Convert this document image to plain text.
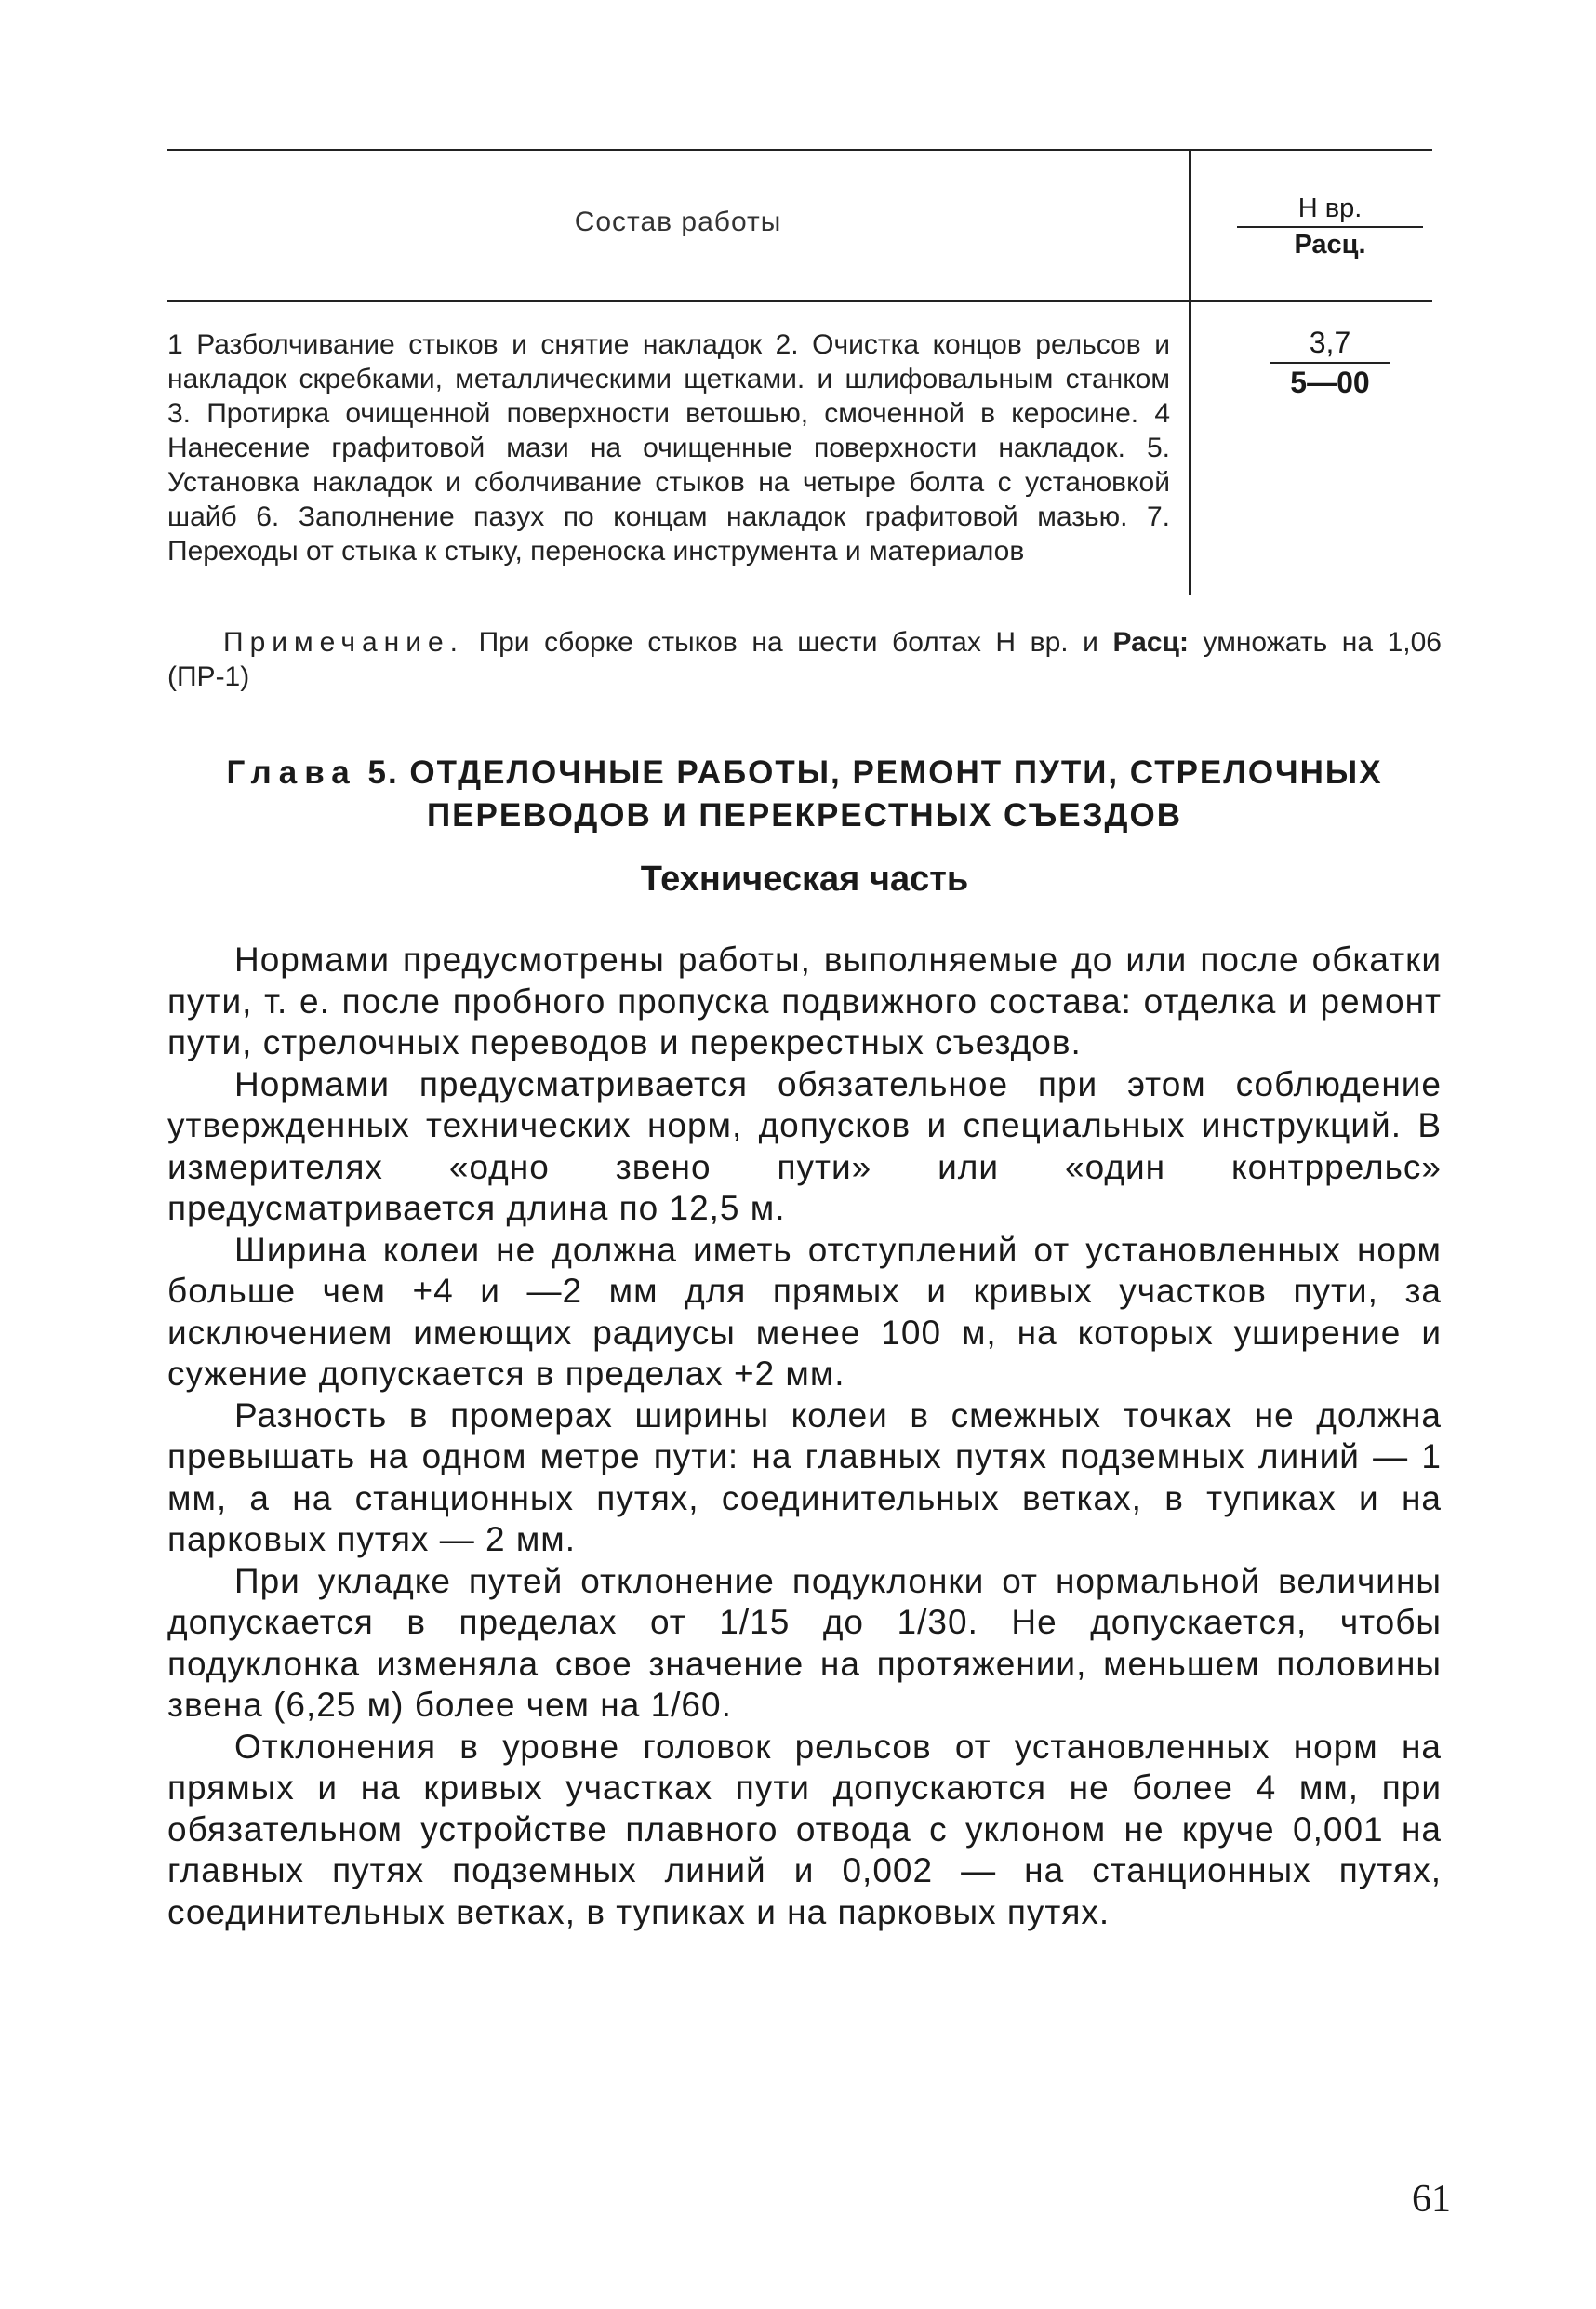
Состав работы	Н вр.
Расц.
1 Разболчивание стыков и снятие накладок 2. Очистка концов рельсов и накладок скребками, металлическими щетками. и шлифовальным станком 3. Протирка очищенной поверхности ветошью, смоченной в керосине. 4 Нанесение графитовой мази на очищенные поверхности накладок. 5. Установка накладок и сболчивание стыков на четыре болта с установкой шайб 6. Заполнение пазух по концам накладок графитовой мазью. 7. Переходы от стыка к стыку, переноска инструмента и материалов
$\frac{3,7}{5—00}$
Примечание. При сборке стыков на шести болтах Н вр. и Расц: умножать на 1,06 (ПР-1)
Глава 5. ОТДЕЛОЧНЫЕ РАБОТЫ, РЕМОНТ ПУТИ, СТРЕЛОЧНЫХ
ПЕРЕВОДОВ И ПЕРЕКРЕСТНЫХ СЪЕЗДОВ
Техническая часть

Нормами предусмотрены работы, выполняемые до или после обкатки пути, т. е. после пробного пропуска подвижного состава: отделка и ремонт пути, стрелочных переводов и перекрестных съездов.

Нормами предусматривается обязательное при этом соблюдение утвержденных технических норм, допусков и специальных инструкций. В измерителях «одно звено пути» или «один контррельс» предусматривается длина по 12,5 м.

Ширина колеи не должна иметь отступлений от установленных норм больше чем +4 и —2 мм для прямых и кривых участков пути, за исключением имеющих радиусы менее 100 м, на которых уширение и сужение допускается в пределах +2 мм.

Разность в промерах ширины колеи в смежных точках не должна превышать на одном метре пути: на главных путях подземных линий — 1 мм, а на станционных путях, соединительных ветках, в тупиках и на парковых путях — 2 мм.

При укладке путей отклонение подуклонки от нормальной величины допускается в пределах от 1/15 до 1/30. Не допускается, чтобы подуклонка изменяла свое значение на протяжении, меньшем половины звена (6,25 м) более чем на 1/60.

Отклонения в уровне головок рельсов от установленных норм на прямых и на кривых участках пути допускаются не более 4 мм, при обязательном устройстве плавного отвода с уклоном не круче 0,001 на главных путях подземных линий и 0,002 — на станционных путях, соединительных ветках, в тупиках и на парковых путях.

61
